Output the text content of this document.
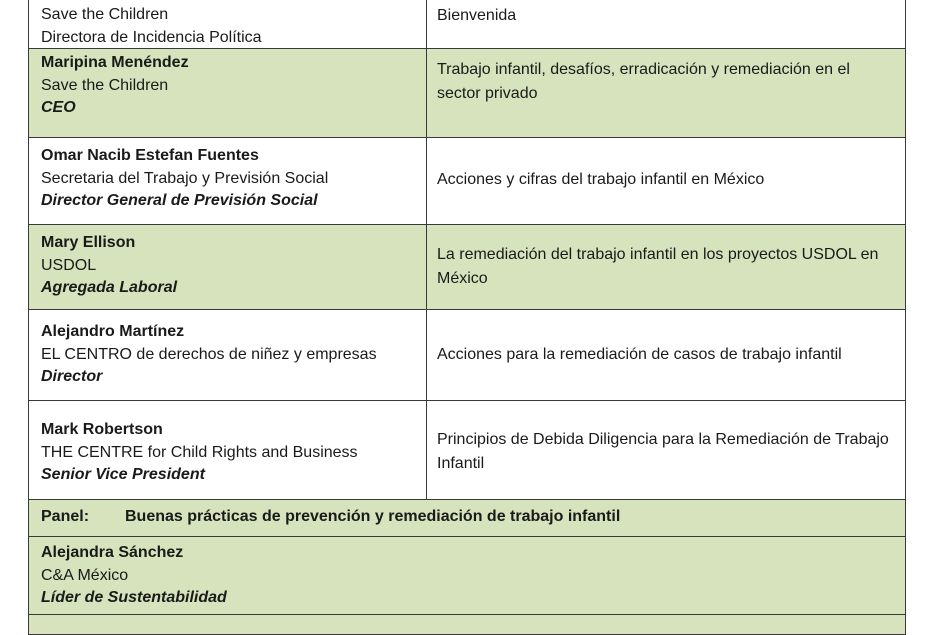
Save the Children
Directora de Incidencia Política
Bienvenida
Maripina Menéndez
Save the Children
CEO
Trabajo infantil, desafíos, erradicación y remediación en el sector privado
Omar Nacib Estefan Fuentes
Secretaria del Trabajo y Previsión Social
Director General de Previsión Social
Acciones y cifras del trabajo infantil en México
Mary Ellison
USDOL
Agregada Laboral
La remediación del trabajo infantil en los proyectos USDOL en México
Alejandro Martínez
EL CENTRO de derechos de niñez y empresas
Director
Acciones para la remediación de casos de trabajo infantil
Mark Robertson
THE CENTRE for Child Rights and Business
Senior Vice President
Principios de Debida Diligencia para la Remediación de Trabajo Infantil
Panel: Buenas prácticas de prevención y remediación de trabajo infantil
Alejandra Sánchez
C&A México
Líder de Sustentabilidad
